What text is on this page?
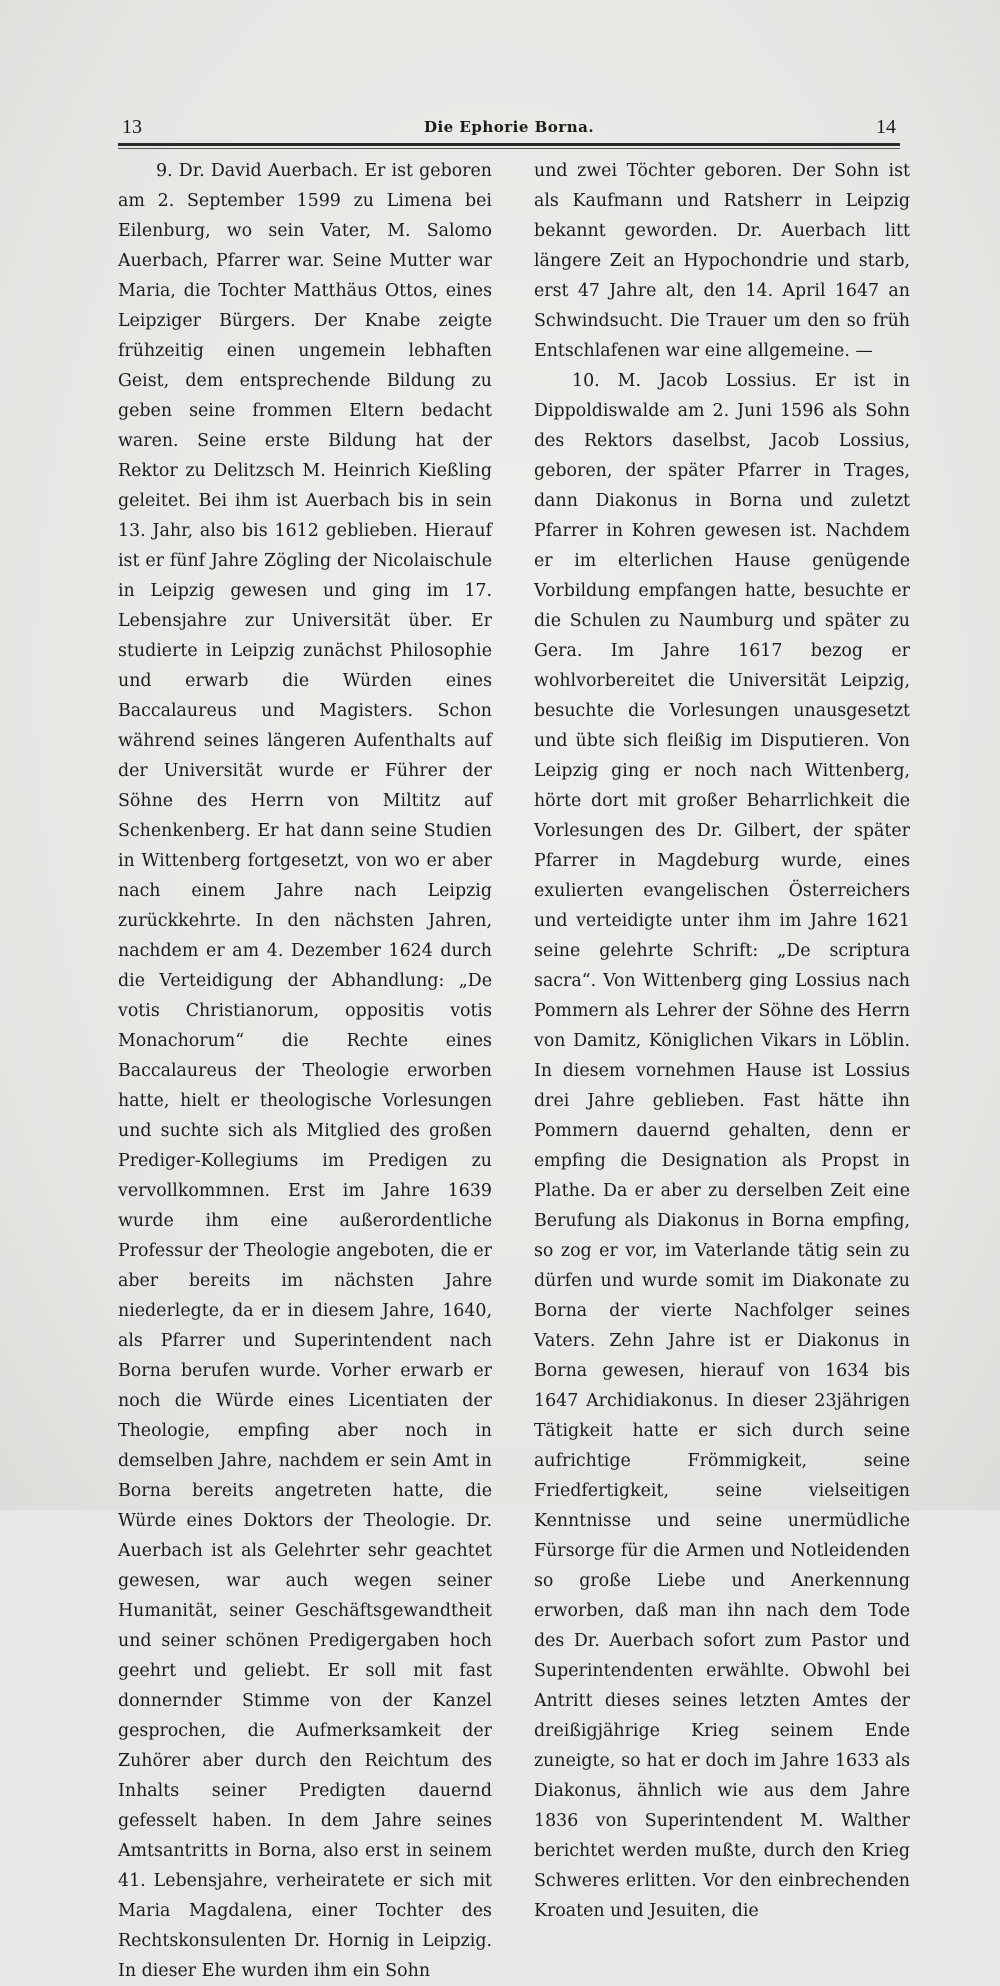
13	Die Ephorie Borna.	14

9. Dr. David Auerbach. Er ist geboren am 2. September 1599 zu Limena bei Eilenburg, wo sein Vater, M. Salomo Auerbach, Pfarrer war. Seine Mutter war Maria, die Tochter Matthäus Ottos, eines Leipziger Bürgers. Der Knabe zeigte frühzeitig einen ungemein lebhaften Geist, dem entsprechende Bildung zu geben seine frommen Eltern bedacht waren. Seine erste Bildung hat der Rektor zu Delitzsch M. Heinrich Kießling geleitet. Bei ihm ist Auerbach bis in sein 13. Jahr, also bis 1612 geblieben. Hierauf ist er fünf Jahre Zögling der Nicolaischule in Leipzig gewesen und ging im 17. Lebensjahre zur Universität über. Er studierte in Leipzig zunächst Philosophie und erwarb die Würden eines Baccalaureus und Magisters. Schon während seines längeren Aufenthalts auf der Universität wurde er Führer der Söhne des Herrn von Miltitz auf Schenkenberg. Er hat dann seine Studien in Wittenberg fortgesetzt, von wo er aber nach einem Jahre nach Leipzig zurückkehrte. In den nächsten Jahren, nachdem er am 4. Dezember 1624 durch die Verteidigung der Abhandlung: „De votis Christianorum, oppositis votis Monachorum“ die Rechte eines Baccalaureus der Theologie erworben hatte, hielt er theologische Vorlesungen und suchte sich als Mitglied des großen Prediger-Kollegiums im Predigen zu vervollkommnen. Erst im Jahre 1639 wurde ihm eine außerordentliche Professur der Theologie angeboten, die er aber bereits im nächsten Jahre niederlegte, da er in diesem Jahre, 1640, als Pfarrer und Superintendent nach Borna berufen wurde. Vorher erwarb er noch die Würde eines Licentiaten der Theologie, empfing aber noch in demselben Jahre, nachdem er sein Amt in Borna bereits angetreten hatte, die Würde eines Doktors der Theologie. Dr. Auerbach ist als Gelehrter sehr geachtet gewesen, war auch wegen seiner Humanität, seiner Geschäftsgewandtheit und seiner schönen Predigergaben hoch geehrt und geliebt. Er soll mit fast donnernder Stimme von der Kanzel gesprochen, die Aufmerksamkeit der Zuhörer aber durch den Reichtum des Inhalts seiner Predigten dauernd gefesselt haben. In dem Jahre seines Amtsantritts in Borna, also erst in seinem 41. Lebensjahre, verheiratete er sich mit Maria Magdalena, einer Tochter des Rechtskonsulenten Dr. Hornig in Leipzig. In dieser Ehe wurden ihm ein Sohn

und zwei Töchter geboren. Der Sohn ist als Kaufmann und Ratsherr in Leipzig bekannt geworden. Dr. Auerbach litt längere Zeit an Hypochondrie und starb, erst 47 Jahre alt, den 14. April 1647 an Schwindsucht. Die Trauer um den so früh Entschlafenen war eine allgemeine. —

10. M. Jacob Lossius. Er ist in Dippoldiswalde am 2. Juni 1596 als Sohn des Rektors daselbst, Jacob Lossius, geboren, der später Pfarrer in Trages, dann Diakonus in Borna und zuletzt Pfarrer in Kohren gewesen ist. Nachdem er im elterlichen Hause genügende Vorbildung empfangen hatte, besuchte er die Schulen zu Naumburg und später zu Gera. Im Jahre 1617 bezog er wohlvorbereitet die Universität Leipzig, besuchte die Vorlesungen unausgesetzt und übte sich fleißig im Disputieren. Von Leipzig ging er noch nach Wittenberg, hörte dort mit großer Beharrlichkeit die Vorlesungen des Dr. Gilbert, der später Pfarrer in Magdeburg wurde, eines exulierten evangelischen Österreichers und verteidigte unter ihm im Jahre 1621 seine gelehrte Schrift: „De scriptura sacra“. Von Wittenberg ging Lossius nach Pommern als Lehrer der Söhne des Herrn von Damitz, Königlichen Vikars in Löblin. In diesem vornehmen Hause ist Lossius drei Jahre geblieben. Fast hätte ihn Pommern dauernd gehalten, denn er empfing die Designation als Propst in Plathe. Da er aber zu derselben Zeit eine Berufung als Diakonus in Borna empfing, so zog er vor, im Vaterlande tätig sein zu dürfen und wurde somit im Diakonate zu Borna der vierte Nachfolger seines Vaters. Zehn Jahre ist er Diakonus in Borna gewesen, hierauf von 1634 bis 1647 Archidiakonus. In dieser 23jährigen Tätigkeit hatte er sich durch seine aufrichtige Frömmigkeit, seine Friedfertigkeit, seine vielseitigen Kenntnisse und seine unermüdliche Fürsorge für die Armen und Notleidenden so große Liebe und Anerkennung erworben, daß man ihn nach dem Tode des Dr. Auerbach sofort zum Pastor und Superintendenten erwählte. Obwohl bei Antritt dieses seines letzten Amtes der dreißigjährige Krieg seinem Ende zuneigte, so hat er doch im Jahre 1633 als Diakonus, ähnlich wie aus dem Jahre 1836 von Superintendent M. Walther berichtet werden mußte, durch den Krieg Schweres erlitten. Vor den einbrechenden Kroaten und Jesuiten, die
